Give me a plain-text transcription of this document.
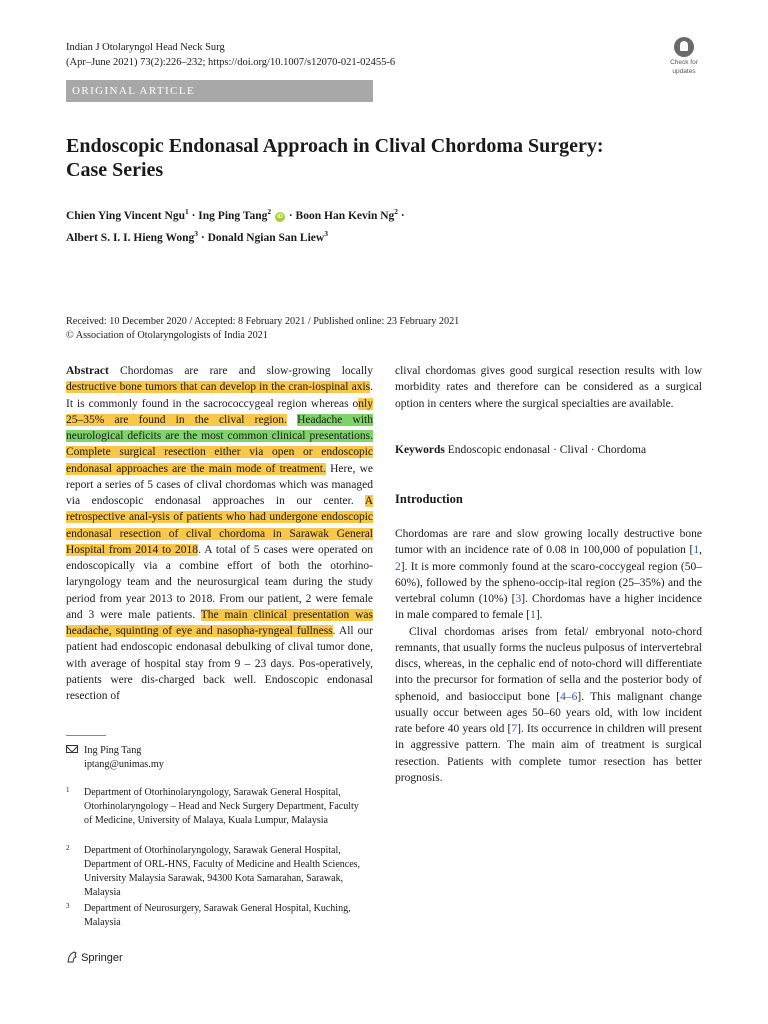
Indian J Otolaryngol Head Neck Surg
(Apr–June 2021) 73(2):226–232; https://doi.org/10.1007/s12070-021-02455-6	Check for
updates
ORIGINAL ARTICLE
Endoscopic Endonasal Approach in Clival Chordoma Surgery:
Case Series
Chien Ying Vincent Ngu$^1$ · Ing Ping Tang$^2$ iD · Boon Han Kevin $Ng^2$ ·
Albert S. I. I. Hieng Wong$^3$ · Donald Ngian San Liew$^3$
Received: 10 December 2020 / Accepted: 8 February 2021 / Published online: 23 February 2021
© Association of Otolaryngologists of India 2021
Abstract Chordomas are rare and slow-growing locally destructive bone tumors that can develop in the cran-iospinal axis. It is commonly found in the sacrococcygeal region whereas only 25–35% are found in the clival region. Headache with neurological deficits are the most common clinical presentations. Complete surgical resection either via open or endoscopic endonasal approaches are the main mode of treatment. Here, we report a series of 5 cases of clival chordomas which was managed via endoscopic endonasal approaches in our center. A retrospective anal-ysis of patients who had undergone endoscopic endonasal resection of clival chordoma in Sarawak General Hospital from 2014 to 2018. A total of 5 cases were operated on endoscopically via a combine effort of both the otorhino-laryngology team and the neurosurgical team during the study period from year 2013 to 2018. From our patient, 2 were female and 3 were male patients. The main clinical presentation was headache, squinting of eye and nasopha-ryngeal fullness. All our patient had endoscopic endonasal debulking of clival tumor done, with average of hospital stay from 9 – 23 days. Pos-operatively, patients were dis-charged back well. Endoscopic endonasal resection of
clival chordomas gives good surgical resection results with low morbidity rates and therefore can be considered as a surgical option in centers where the surgical specialties are available.
Keywords Endoscopic endonasal · Clival · Chordoma
Introduction

Chordomas are rare and slow growing locally destructive bone tumor with an incidence rate of 0.08 in 100,000 of population [1, 2]. It is more commonly found at the scaro-coccygeal region (50–60%), followed by the spheno-occip-ital region (25–35%) and the vertebral column (10%) [3]. Chordomas have a higher incidence in male compared to female [1].

Clival chordomas arises from fetal/ embryonal noto-chord remnants, that usually forms the nucleus pulposus of intervertebral discs, whereas, in the cephalic end of noto-chord will differentiate into the precursor for formation of sella and the posterior body of sphenoid, and basiocciput bone [4–6]. This malignant change usually occur between ages 50–60 years old, with low incident rate before 40 years old [7]. Its occurrence in children will present in aggressive pattern. The main aim of treatment is surgical resection. Patients with complete tumor resection has better prognosis.

Ing Ping Tang
iptang@unimas.my
1 Department of Otorhinolaryngology, Sarawak General Hospital, Otorhinolaryngology – Head and Neck Surgery Department, Faculty of Medicine, University of Malaya, Kuala Lumpur, Malaysia
2 Department of Otorhinolaryngology, Sarawak General Hospital, Department of ORL-HNS, Faculty of Medicine and Health Sciences, University Malaysia Sarawak, 94300 Kota Samarahan, Sarawak, Malaysia
3 Department of Neurosurgery, Sarawak General Hospital, Kuching, Malaysia
Springer
